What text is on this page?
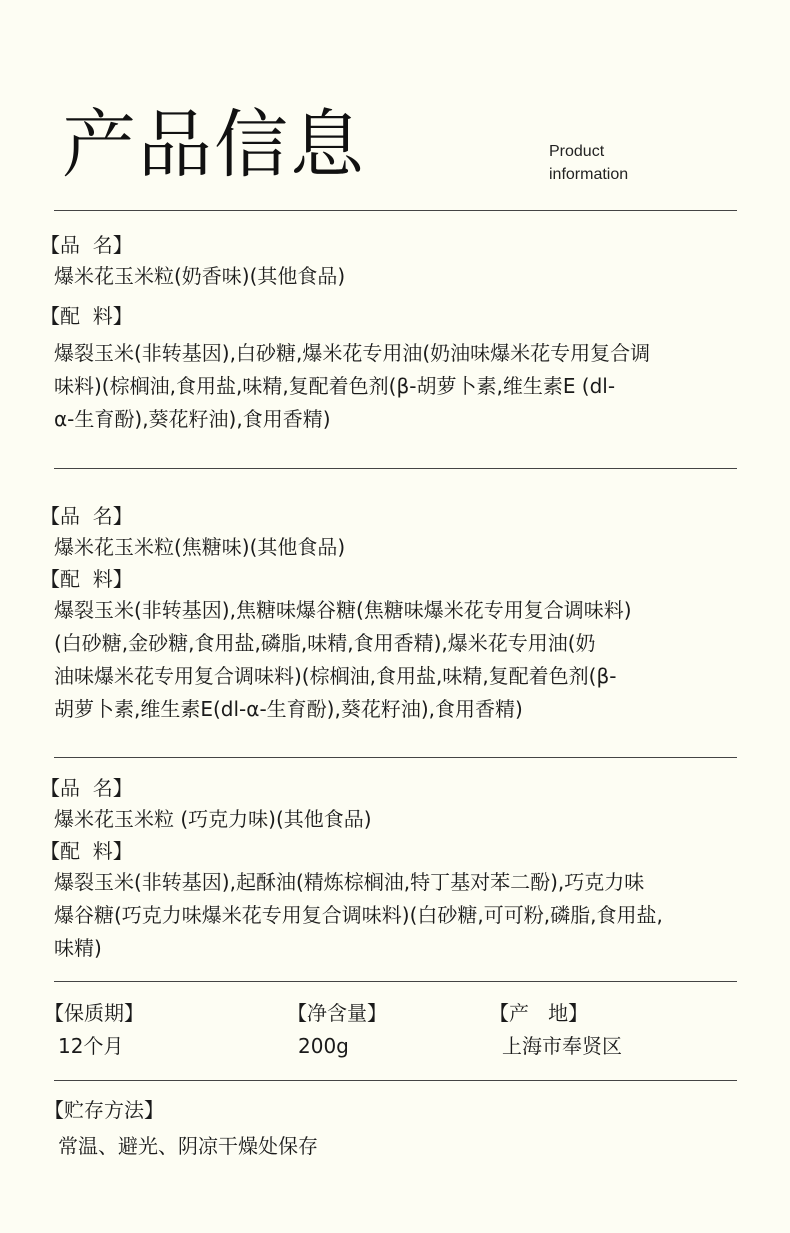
产品信息	Product
information
【品  名】
爆米花玉米粒(奶香味)(其他食品)
【配  料】
爆裂玉米(非转基因),白砂糖,爆米花专用油(奶油味爆米花专用复合调
味料)(棕榈油,食用盐,味精,复配着色剂(β-胡萝卜素,维生素E (dl-
α-生育酚),葵花籽油),食用香精)
【品  名】
爆米花玉米粒(焦糖味)(其他食品)
【配  料】
爆裂玉米(非转基因),焦糖味爆谷糖(焦糖味爆米花专用复合调味料)
(白砂糖,金砂糖,食用盐,磷脂,味精,食用香精),爆米花专用油(奶
油味爆米花专用复合调味料)(棕榈油,食用盐,味精,复配着色剂(β-
胡萝卜素,维生素E(dl-α-生育酚),葵花籽油),食用香精)
【品  名】
爆米花玉米粒 (巧克力味)(其他食品)
【配  料】
爆裂玉米(非转基因),起酥油(精炼棕榈油,特丁基对苯二酚),巧克力味
爆谷糖(巧克力味爆米花专用复合调味料)(白砂糖,可可粉,磷脂,食用盐,
味精)
【保质期】
12个月
【净含量】
200g
【产   地】
上海市奉贤区
【贮存方法】
常温、避光、阴凉干燥处保存
